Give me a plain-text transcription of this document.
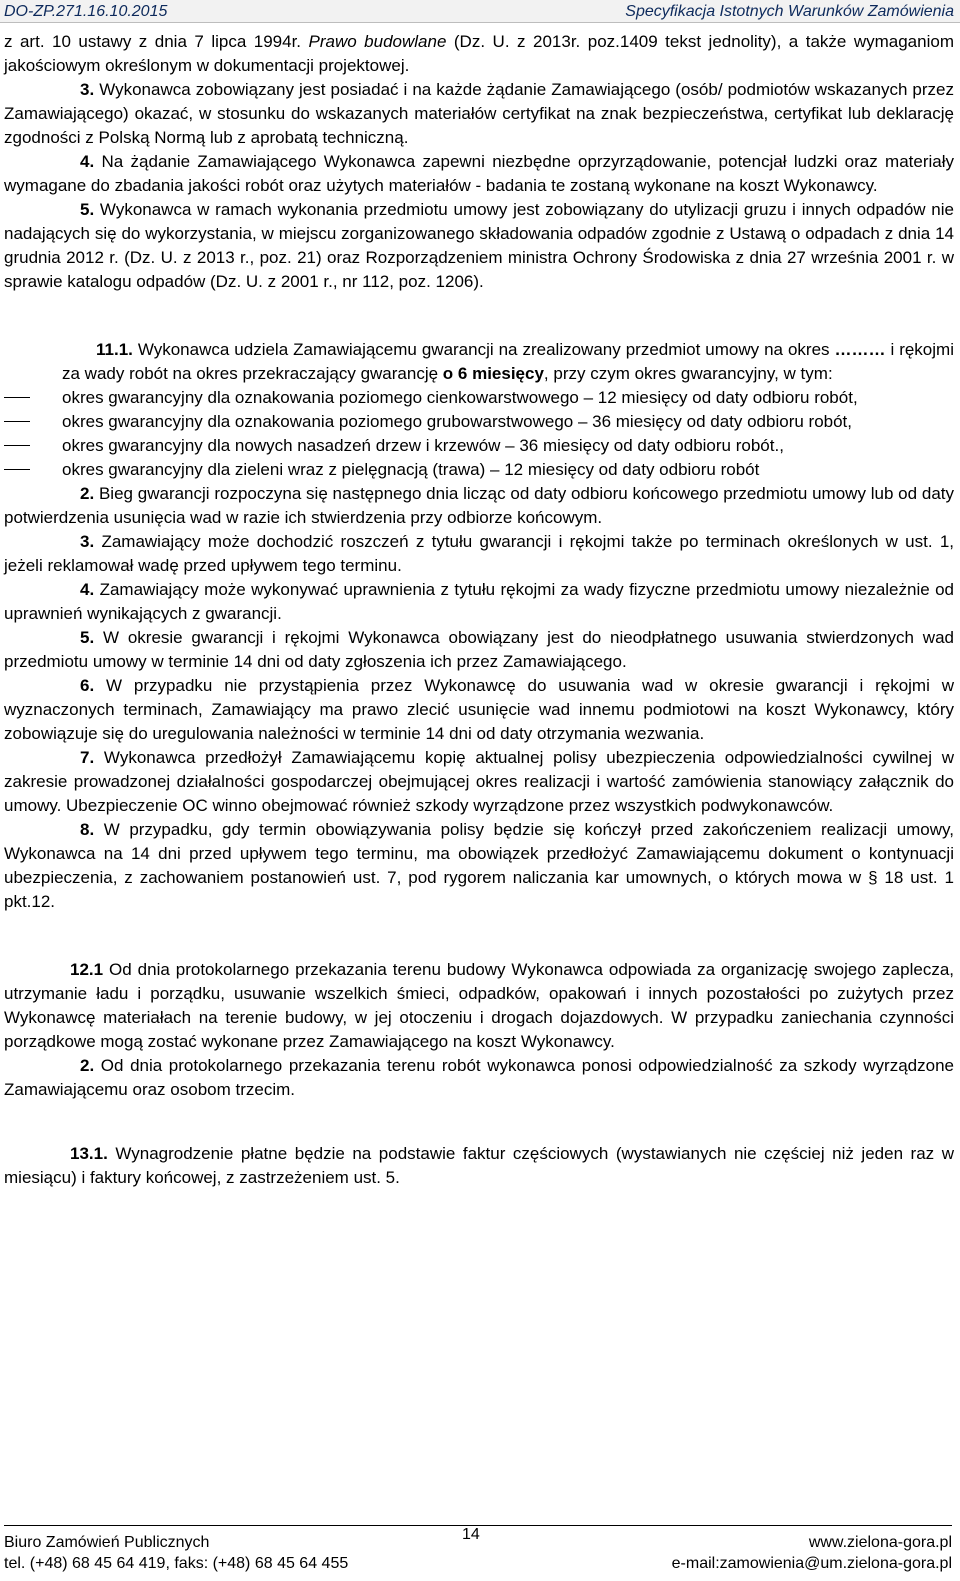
DO-ZP.271.16.10.2015	Specyfikacja Istotnych Warunków Zamówienia

z art. 10 ustawy z dnia 7 lipca 1994r. Prawo budowlane (Dz. U. z 2013r. poz.1409 tekst jednolity), a także wymaganiom jakościowym określonym w dokumentacji projektowej.

3. Wykonawca zobowiązany jest posiadać i na każde żądanie Zamawiającego (osób/ podmiotów wskazanych przez Zamawiającego) okazać, w stosunku do wskazanych materiałów certyfikat na znak bezpieczeństwa, certyfikat lub deklarację zgodności z Polską Normą lub z aprobatą techniczną.

4. Na żądanie Zamawiającego Wykonawca zapewni niezbędne oprzyrządowanie, potencjał ludzki oraz materiały wymagane do zbadania jakości robót oraz użytych materiałów - badania te zostaną wykonane na koszt Wykonawcy.

5. Wykonawca w ramach wykonania przedmiotu umowy jest zobowiązany do utylizacji gruzu i innych odpadów nie nadających się do wykorzystania, w miejscu zorganizowanego składowania odpadów zgodnie z Ustawą o odpadach z dnia 14 grudnia 2012 r. (Dz. U. z 2013 r., poz. 21) oraz Rozporządzeniem ministra Ochrony Środowiska z dnia 27 września 2001 r. w sprawie katalogu odpadów (Dz. U. z 2001 r., nr 112, poz. 1206).

11.1. Wykonawca udziela Zamawiającemu gwarancji na zrealizowany przedmiot umowy na okres ……… i rękojmi za wady robót na okres przekraczający gwarancję o 6 miesięcy, przy czym okres gwarancyjny, w tym:

okres gwarancyjny dla oznakowania poziomego cienkowarstwowego – 12 miesięcy od daty odbioru robót,

okres gwarancyjny dla oznakowania poziomego grubowarstwowego – 36 miesięcy od daty odbioru robót,

okres gwarancyjny dla nowych nasadzeń drzew i krzewów – 36 miesięcy od daty odbioru robót.,

okres gwarancyjny dla zieleni wraz z pielęgnacją (trawa) – 12 miesięcy od daty odbioru robót

2. Bieg gwarancji rozpoczyna się następnego dnia licząc od daty odbioru końcowego przedmiotu umowy lub od daty potwierdzenia usunięcia wad w razie ich stwierdzenia przy odbiorze końcowym.

3. Zamawiający może dochodzić roszczeń z tytułu gwarancji i rękojmi także po terminach określonych w ust. 1, jeżeli reklamował wadę przed upływem tego terminu.

4. Zamawiający może wykonywać uprawnienia z tytułu rękojmi za wady fizyczne przedmiotu umowy niezależnie od uprawnień wynikających z gwarancji.

5. W okresie gwarancji i rękojmi Wykonawca obowiązany jest do nieodpłatnego usuwania stwierdzonych wad przedmiotu umowy w terminie 14 dni od daty zgłoszenia ich przez Zamawiającego.

6. W przypadku nie przystąpienia przez Wykonawcę do usuwania wad w okresie gwarancji i rękojmi w wyznaczonych terminach, Zamawiający ma prawo zlecić usunięcie wad innemu podmiotowi na koszt Wykonawcy, który zobowiązuje się do uregulowania należności w terminie 14 dni od daty otrzymania wezwania.

7. Wykonawca przedłożył Zamawiającemu kopię aktualnej polisy ubezpieczenia odpowiedzialności cywilnej w zakresie prowadzonej działalności gospodarczej obejmującej okres realizacji i wartość zamówienia stanowiący załącznik do umowy. Ubezpieczenie OC winno obejmować również szkody wyrządzone przez wszystkich podwykonawców.

8. W przypadku, gdy termin obowiązywania polisy będzie się kończył przed zakończeniem realizacji umowy, Wykonawca na 14 dni przed upływem tego terminu, ma obowiązek przedłożyć Zamawiającemu dokument o kontynuacji ubezpieczenia, z zachowaniem postanowień ust. 7, pod rygorem naliczania kar umownych, o których mowa w § 18 ust. 1 pkt.12.

12.1 Od dnia protokolarnego przekazania terenu budowy Wykonawca odpowiada za organizację swojego zaplecza, utrzymanie ładu i porządku, usuwanie wszelkich śmieci, odpadków, opakowań i innych pozostałości po zużytych przez Wykonawcę materiałach na terenie budowy, w jej otoczeniu i drogach dojazdowych. W przypadku zaniechania czynności porządkowe mogą zostać wykonane przez Zamawiającego na koszt Wykonawcy.

2. Od dnia protokolarnego przekazania terenu robót wykonawca ponosi odpowiedzialność za szkody wyrządzone Zamawiającemu oraz osobom trzecim.

13.1. Wynagrodzenie płatne będzie na podstawie faktur częściowych (wystawianych nie częściej niż jeden raz w miesiącu) i faktury końcowej, z zastrzeżeniem ust. 5.

Biuro Zamówień Publicznych
tel. (+48) 68 45 64 419, faks: (+48) 68 45 64 455
14	www.zielona-gora.pl
e-mail:zamowienia@um.zielona-gora.pl
